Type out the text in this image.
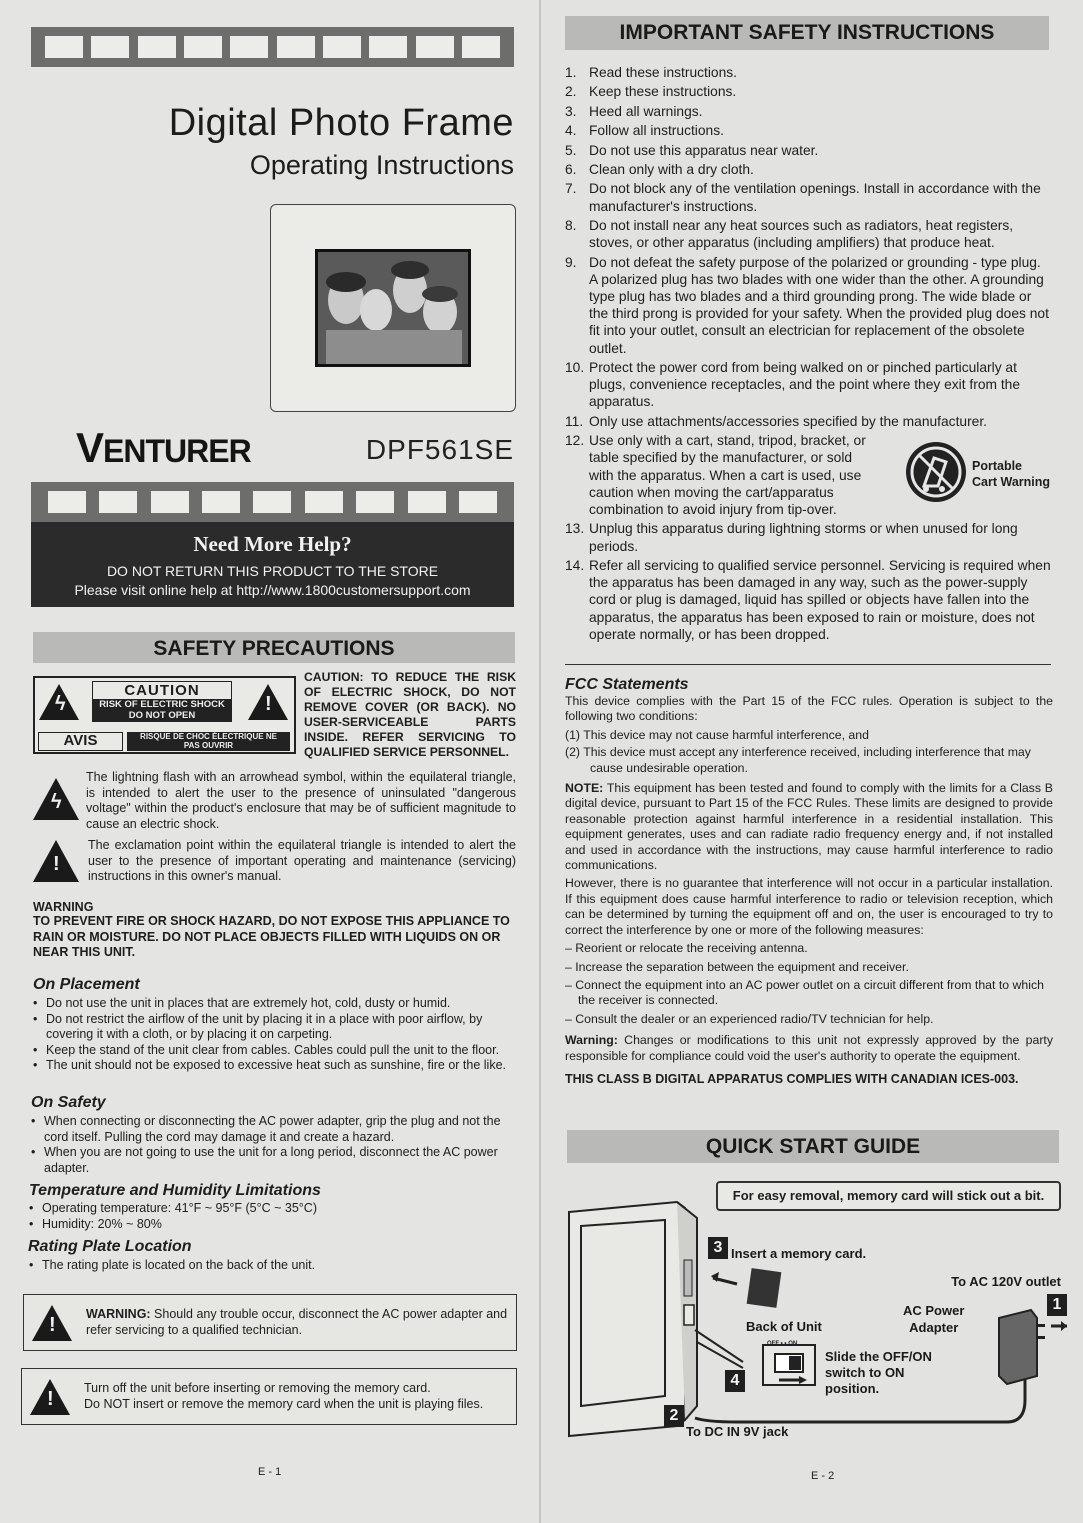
Digital Photo Frame
Operating Instructions
VENTURER	DPF561SE
Need More Help?
DO NOT RETURN THIS PRODUCT TO THE STORE
Please visit online help at http://www.1800customersupport.com
SAFETY PRECAUTIONS
ϟ
CAUTION
RISK OF ELECTRIC SHOCK
DO NOT OPEN
!
AVIS	RISQUE DE CHOC ÉLECTRIQUE NE
PAS OUVRIR
CAUTION: TO REDUCE THE RISK OF ELECTRIC SHOCK, DO NOT REMOVE COVER (OR BACK). NO USER-SERVICEABLE PARTS INSIDE. REFER SERVICING TO QUALIFIED SERVICE PERSONNEL.
ϟ
The lightning flash with an arrowhead symbol, within the equilateral triangle, is intended to alert the user to the presence of uninsulated "dangerous voltage" within the product's enclosure that may be of sufficient magnitude to cause an electric shock.
!
The exclamation point within the equilateral triangle is intended to alert the user to the presence of important operating and maintenance (servicing) instructions in this owner's manual.
WARNING
TO PREVENT FIRE OR SHOCK HAZARD, DO NOT EXPOSE THIS APPLIANCE TO RAIN OR MOISTURE. DO NOT PLACE OBJECTS FILLED WITH LIQUIDS ON OR NEAR THIS UNIT.
On Placement
• Do not use the unit in places that are extremely hot, cold, dusty or humid.
• Do not restrict the airflow of the unit by placing it in a place with poor airflow, by covering it with a cloth, or by placing it on carpeting.
• Keep the stand of the unit clear from cables. Cables could pull the unit to the floor.
• The unit should not be exposed to excessive heat such as sunshine, fire or the like.
On Safety
• When connecting or disconnecting the AC power adapter, grip the plug and not the cord itself. Pulling the cord may damage it and create a hazard.
• When you are not going to use the unit for a long period, disconnect the AC power adapter.
Temperature and Humidity Limitations
• Operating temperature: 41°F ~ 95°F (5°C ~ 35°C)
• Humidity: 20% ~ 80%
Rating Plate Location
• The rating plate is located on the back of the unit.
! WARNING: Should any trouble occur, disconnect the AC power adapter and refer servicing to a qualified technician.
! Turn off the unit before inserting or removing the memory card.
Do NOT insert or remove the memory card when the unit is playing files.
E - 1
IMPORTANT SAFETY INSTRUCTIONS
1. Read these instructions.
2. Keep these instructions.
3. Heed all warnings.
4. Follow all instructions.
5. Do not use this apparatus near water.
6. Clean only with a dry cloth.
7. Do not block any of the ventilation openings. Install in accordance with the manufacturer's instructions.
8. Do not install near any heat sources such as radiators, heat registers, stoves, or other apparatus (including amplifiers) that produce heat.
9. Do not defeat the safety purpose of the polarized or grounding - type plug. A polarized plug has two blades with one wider than the other. A grounding type plug has two blades and a third grounding prong. The wide blade or the third prong is provided for your safety. When the provided plug does not fit into your outlet, consult an electrician for replacement of the obsolete outlet.
10. Protect the power cord from being walked on or pinched particularly at plugs, convenience receptacles, and the point where they exit from the apparatus.
11. Only use attachments/accessories specified by the manufacturer.
12. Use only with a cart, stand, tripod, bracket, or table specified by the manufacturer, or sold with the apparatus. When a cart is used, use caution when moving the cart/apparatus combination to avoid injury from tip-over.
13. Unplug this apparatus during lightning storms or when unused for long periods.
14. Refer all servicing to qualified service personnel. Servicing is required when the apparatus has been damaged in any way, such as the power-supply cord or plug is damaged, liquid has spilled or objects have fallen into the apparatus, the apparatus has been exposed to rain or moisture, does not operate normally, or has been dropped.
Portable
Cart Warning
FCC Statements

This device complies with the Part 15 of the FCC rules. Operation is subject to the following two conditions:

(1) This device may not cause harmful interference, and

(2) This device must accept any interference received, including interference that may cause undesirable operation.

NOTE: This equipment has been tested and found to comply with the limits for a Class B digital device, pursuant to Part 15 of the FCC Rules. These limits are designed to provide reasonable protection against harmful interference in a residential installation. This equipment generates, uses and can radiate radio frequency energy and, if not installed and used in accordance with the instructions, may cause harmful interference to radio communications.

However, there is no guarantee that interference will not occur in a particular installation. If this equipment does cause harmful interference to radio or television reception, which can be determined by turning the equipment off and on, the user is encouraged to try to correct the interference by one or more of the following measures:

– Reorient or relocate the receiving antenna.

– Increase the separation between the equipment and receiver.

– Connect the equipment into an AC power outlet on a circuit different from that to which the receiver is connected.

– Consult the dealer or an experienced radio/TV technician for help.

Warning: Changes or modifications to this unit not expressly approved by the party responsible for compliance could void the user's authority to operate the equipment.

THIS CLASS B DIGITAL APPARATUS COMPLIES WITH CANADIAN ICES-003.

QUICK START GUIDE
For easy removal, memory card will stick out a bit.
3 Insert a memory card.
To AC 120V outlet
1
AC Power
Adapter
Back of Unit
OFF • • ON
Slide the OFF/ON
switch to ON
position.
4
2
To DC IN 9V jack
E - 2
